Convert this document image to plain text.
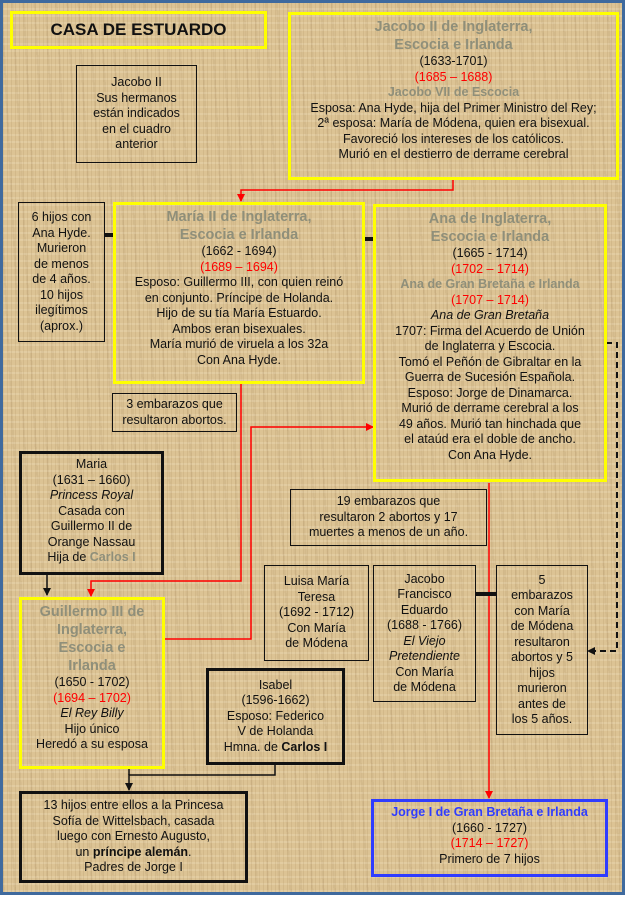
CASA DE ESTUARDO
Jacobo II
Sus hermanos
están indicados
en el cuadro
anterior
Jacobo II de Inglaterra,
Escocia e Irlanda
(1633-1701)
(1685 – 1688)
Jacobo VII de Escocia
Esposa: Ana Hyde, hija del Primer Ministro del Rey;
2ª esposa: María de Módena, quien era bisexual.
Favoreció los intereses de los católicos.
Murió en el destierro de derrame cerebral
6 hijos con
Ana Hyde.
Murieron
de menos
de 4 años.
10 hijos
ilegítimos
(aprox.)
María II de Inglaterra,
Escocia e Irlanda
(1662 - 1694)
(1689 – 1694)
Esposo: Guillermo III, con quien reinó
en conjunto. Príncipe de Holanda.
Hijo de su tía María Estuardo.
Ambos eran bisexuales.
María murió de viruela a los 32a
Con Ana Hyde.
Ana de Inglaterra,
Escocia e Irlanda
(1665 - 1714)
(1702 – 1714)
Ana de Gran Bretaña e Irlanda
(1707 – 1714)
Ana de Gran Bretaña
1707: Firma del Acuerdo de Unión
de Inglaterra y Escocia.
Tomó el Peñón de Gibraltar en la
Guerra de Sucesión Española.
Esposo: Jorge de Dinamarca.
Murió de derrame cerebral a los
49 años. Murió tan hinchada que
el ataúd era el doble de ancho.
Con Ana Hyde.
3 embarazos que
resultaron abortos.
Maria
(1631 – 1660)
Princess Royal
Casada con
Guillermo II de
Orange Nassau
Hija de Carlos I
19 embarazos que
resultaron 2 abortos y 17
muertes a menos de un año.
Guillermo III de
Inglaterra,
Escocia e
Irlanda
(1650 - 1702)
(1694 – 1702)
El Rey Billy
Hijo único
Heredó a su esposa
Luisa María
Teresa
(1692 - 1712)
Con María
de Módena
Jacobo
Francisco
Eduardo
(1688 - 1766)
El Viejo
Pretendiente
Con María
de Módena
5
embarazos
con María
de Módena
resultaron
abortos y 5
hijos
murieron
antes de
los 5 años.
Isabel
(1596-1662)
Esposo: Federico
V de Holanda
Hmna. de Carlos I
13 hijos entre ellos a la Princesa
Sofía de Wittelsbach, casada
luego con Ernesto Augusto,
un príncipe alemán.
Padres de Jorge I
Jorge I de Gran Bretaña e Irlanda
(1660 - 1727)
(1714 – 1727)
Primero de 7 hijos
